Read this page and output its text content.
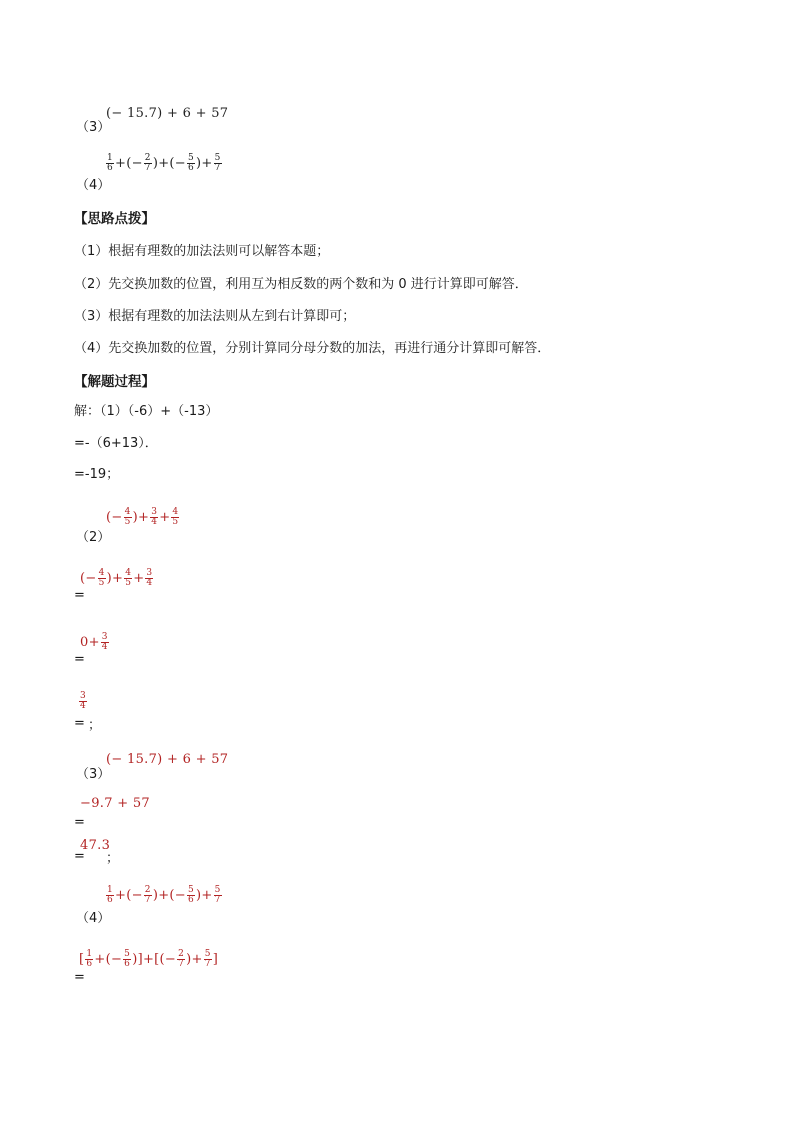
（3）
(− 15.7) + 6 + 57
（4）
$\frac{1}{6}$ +(− $\frac{2}{7}$ )+(− $\frac{5}{6}$ )+ $\frac{5}{7}$
【思路点拨】
（1）根据有理数的加法法则可以解答本题；
（2）先交换加数的位置，利用互为相反数的两个数和为 0 进行计算即可解答．
（3）根据有理数的加法法则从左到右计算即可；
（4）先交换加数的位置，分别计算同分母分数的加法，再进行通分计算即可解答．
【解题过程】
解：（1）（-6）+（-13）
=-（6+13）．
=-19；
（2）
(− $\frac{4}{5}$ )+ $\frac{3}{4} + \frac{4}{5}$
=
(− $\frac{4}{5}$ )+ $\frac{4}{5} + \frac{3}{4}$
=
$0+ \frac{3}{4}$
=
$\frac{3}{4}$
；
（3）
(− 15.7) + 6 + 57
=
−9.7 + 57
=
47.3
；
（4）
$\frac{1}{6}$ +(− $\frac{2}{7}$ )+(− $\frac{5}{6}$ )+ $\frac{5}{7}$
=
[ $\frac{1}{6}$ +(− $\frac{5}{6}$ )]+[(− $\frac{2}{7}$ )+ $\frac{5}{7}$ ]
